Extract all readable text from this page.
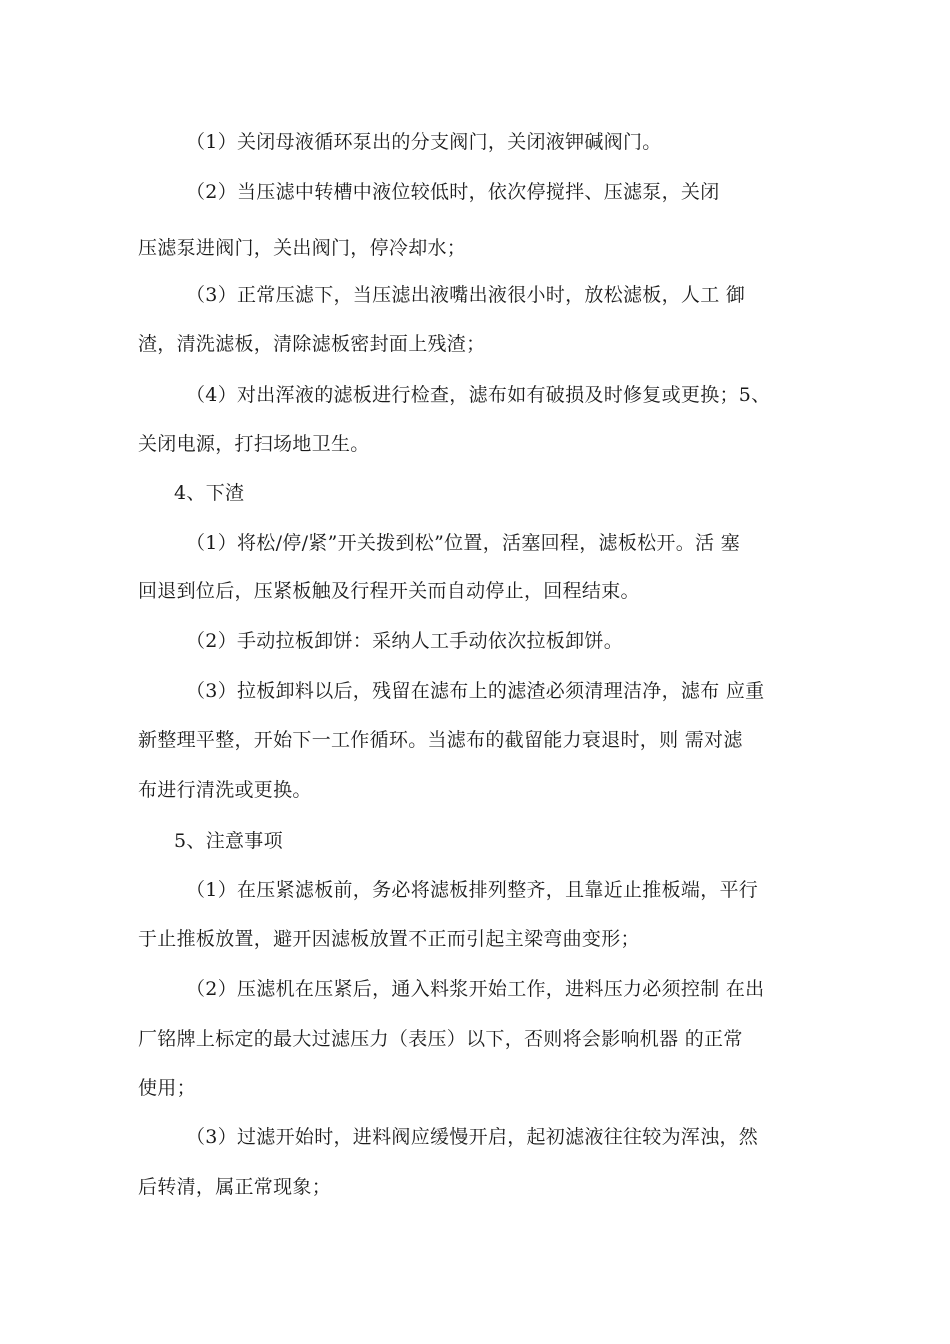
（1）关闭母液循环泵出的分支阀门，关闭液钾碱阀门。
（2）当压滤中转槽中液位较低时，依次停搅拌、压滤泵，关闭
压滤泵进阀门，关出阀门，停冷却水；
（3）正常压滤下，当压滤出液嘴出液很小时，放松滤板，人工 御
渣，清洗滤板，清除滤板密封面上残渣；
（4）对出浑液的滤板进行检查，滤布如有破损及时修复或更换；5、
关闭电源，打扫场地卫生。
4、下渣
（1）将松/停/紧”开关拨到松”位置，活塞回程，滤板松开。活 塞
回退到位后，压紧板触及行程开关而自动停止，回程结束。
（2）手动拉板卸饼：采纳人工手动依次拉板卸饼。
（3）拉板卸料以后，残留在滤布上的滤渣必须清理洁净，滤布 应重
新整理平整，开始下一工作循环。当滤布的截留能力衰退时，则 需对滤
布进行清洗或更换。
5、注意事项
（1）在压紧滤板前，务必将滤板排列整齐，且靠近止推板端，平行
于止推板放置，避开因滤板放置不正而引起主梁弯曲变形；
（2）压滤机在压紧后，通入料浆开始工作，进料压力必须控制 在出
厂铭牌上标定的最大过滤压力（表压）以下，否则将会影响机器 的正常
使用；
（3）过滤开始时，进料阀应缓慢开启，起初滤液往往较为浑浊，然
后转清，属正常现象；
